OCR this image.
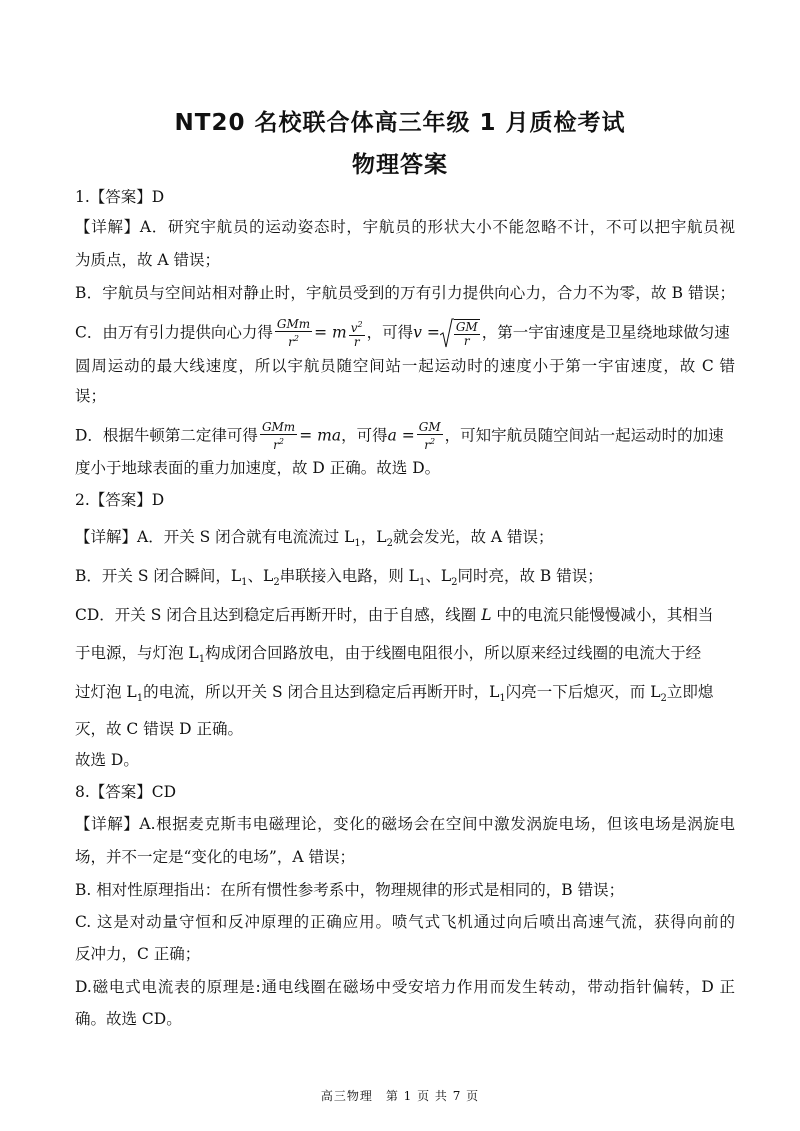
NT20 名校联合体高三年级 1 月质检考试
物理答案
1.【答案】D
【详解】A．研究宇航员的运动姿态时，宇航员的形状大小不能忽略不计，不可以把宇航员视
为质点，故 A 错误；
B．宇航员与空间站相对静止时，宇航员受到的万有引力提供向心力，合力不为零，故 B 错误；
C．由万有引力提供向心力得 $\frac{\text{GMm}}{r^2} = m \frac{v^2}{r}$ ，可得$v = \frac{GM}{r}$ ，第一宇宙速度是卫星绕地球做匀速
圆周运动的最大线速度，所以宇航员随空间站一起运动时的速度小于第一宇宙速度，故 C 错
误；
D．根据牛顿第二定律可得 $\frac{\text{GMm}}{r^2}$ = ma，可得$a = \frac{GM}{r^2}$ ，可知宇航员随空间站一起运动时的加速
度小于地球表面的重力加速度，故 D 正确。故选 D。
2.【答案】D
【详解】A．开关 S 闭合就有电流流过 $L_1$，$L_2$就会发光，故 A 错误；
B．开关 S 闭合瞬间，$L_1$、$L_2$串联接入电路，则 $L_1$、$L_2$同时亮，故 B 错误；
CD．开关 S 闭合且达到稳定后再断开时，由于自感，线圈 L 中的电流只能慢慢减小，其相当
于电源，与灯泡 $L_1$构成闭合回路放电，由于线圈电阻很小，所以原来经过线圈的电流大于经
过灯泡 $L_1$的电流，所以开关 S 闭合且达到稳定后再断开时，$L_1$闪亮一下后熄灭，而 $L_2$立即熄
灭，故 C 错误 D 正确。
故选 D。
8.【答案】CD
【详解】A.根据麦克斯韦电磁理论，变化的磁场会在空间中激发涡旋电场，但该电场是涡旋电
场，并不一定是“变化的电场”，A 错误；
B. 相对性原理指出：在所有惯性参考系中，物理规律的形式是相同的，B 错误；
C. 这是对动量守恒和反冲原理的正确应用。喷气式飞机通过向后喷出高速气流，获得向前的
反冲力，C 正确；
D.磁电式电流表的原理是:通电线圈在磁场中受安培力作用而发生转动，带动指针偏转，D 正
确。故选 CD。
高三物理　第 1 页 共 7 页
